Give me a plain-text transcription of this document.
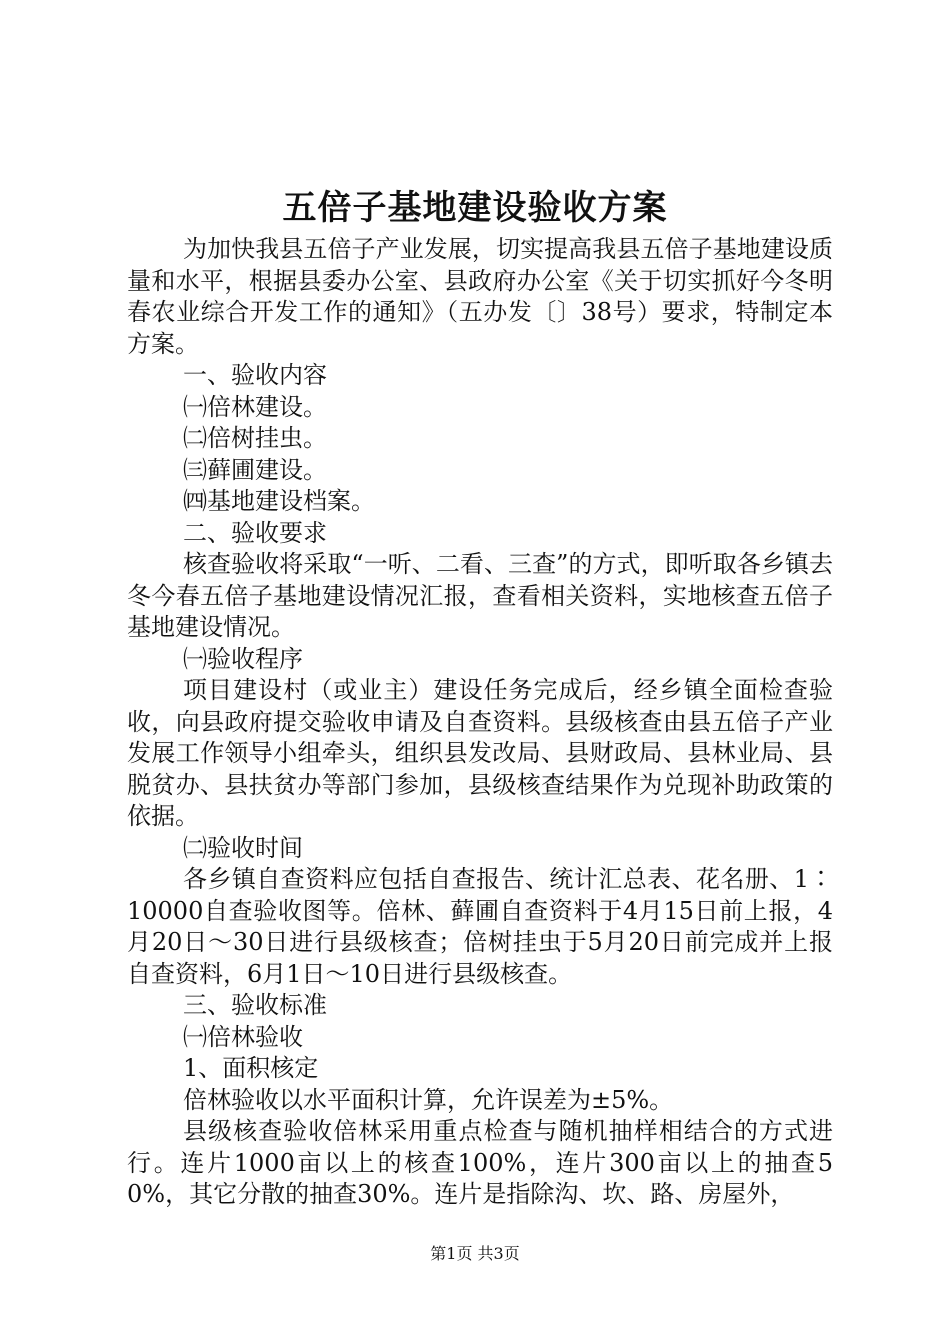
五倍子基地建设验收方案

为加快我县五倍子产业发展，切实提高我县五倍子基地建设质量和水平，根据县委办公室、县政府办公室《关于切实抓好今冬明春农业综合开发工作的通知》（五办发〔〕38号）要求，特制定本方案。

一、验收内容

㈠倍林建设。

㈡倍树挂虫。

㈢藓圃建设。

㈣基地建设档案。

二、验收要求

核查验收将采取“一听、二看、三查”的方式，即听取各乡镇去冬今春五倍子基地建设情况汇报，查看相关资料，实地核查五倍子基地建设情况。

㈠验收程序

项目建设村（或业主）建设任务完成后，经乡镇全面检查验收，向县政府提交验收申请及自查资料。县级核查由县五倍子产业发展工作领导小组牵头，组织县发改局、县财政局、县林业局、县脱贫办、县扶贫办等部门参加，县级核查结果作为兑现补助政策的依据。

㈡验收时间

各乡镇自查资料应包括自查报告、统计汇总表、花名册、1∶10000自查验收图等。倍林、藓圃自查资料于4月15日前上报，4月20日～30日进行县级核查；倍树挂虫于5月20日前完成并上报自查资料，6月1日～10日进行县级核查。

三、验收标准

㈠倍林验收

1、面积核定

倍林验收以水平面积计算，允许误差为±5%。

县级核查验收倍林采用重点检查与随机抽样相结合的方式进行。连片1000亩以上的核查100%，连片300亩以上的抽查50%，其它分散的抽查30%。连片是指除沟、坎、路、房屋外，

第1页 共3页
